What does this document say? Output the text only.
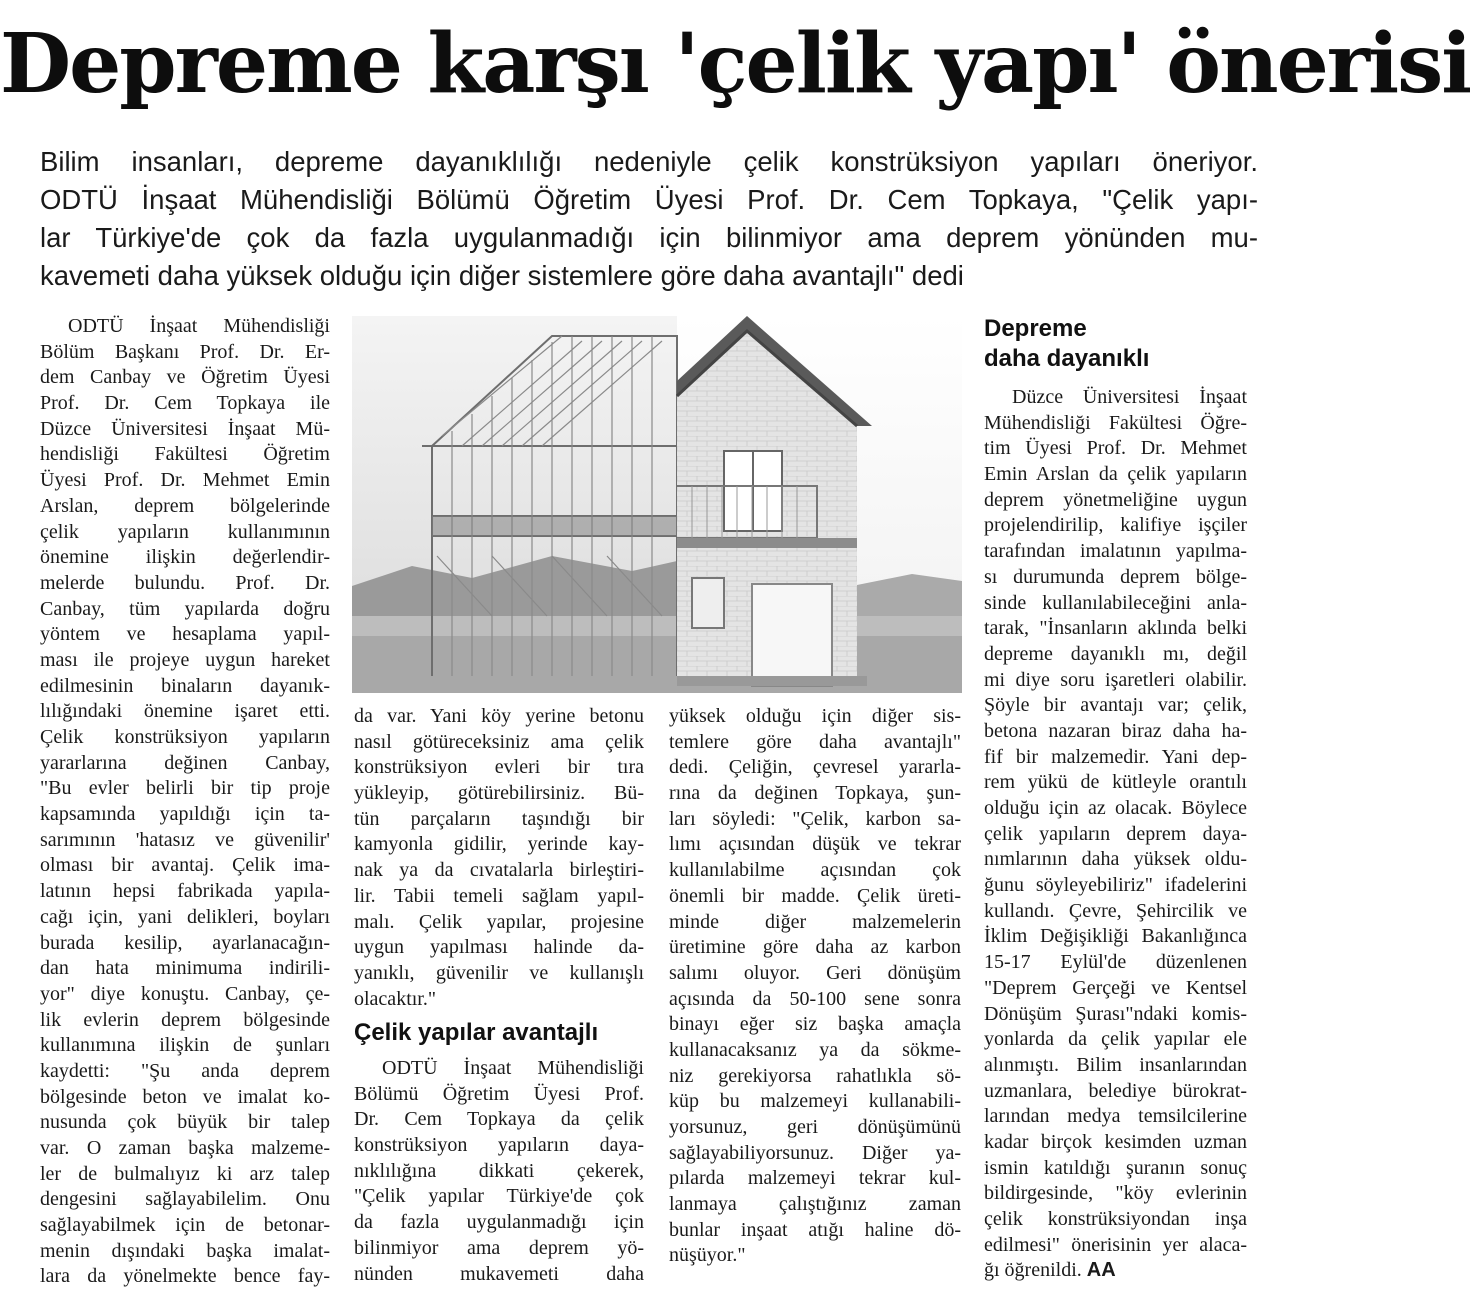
Depreme karşı 'çelik yapı' önerisi
Bilim insanları, depreme dayanıklılığı nedeniyle çelik konstrüksiyon yapıları öneriyor.
ODTÜ İnşaat Mühendisliği Bölümü Öğretim Üyesi Prof. Dr. Cem Topkaya, "Çelik yapı-
lar Türkiye'de çok da fazla uygulanmadığı için bilinmiyor ama deprem yönünden mu-
kavemeti daha yüksek olduğu için diğer sistemlere göre daha avantajlı" dedi
ODTÜ İnşaat Mühendisliği
Bölüm Başkanı Prof. Dr. Er-
dem Canbay ve Öğretim Üyesi
Prof. Dr. Cem Topkaya ile
Düzce Üniversitesi İnşaat Mü-
hendisliği Fakültesi Öğretim
Üyesi Prof. Dr. Mehmet Emin
Arslan, deprem bölgelerinde
çelik yapıların kullanımının
önemine ilişkin değerlendir-
melerde bulundu. Prof. Dr.
Canbay, tüm yapılarda doğru
yöntem ve hesaplama yapıl-
ması ile projeye uygun hareket
edilmesinin binaların dayanık-
lılığındaki önemine işaret etti.
Çelik konstrüksiyon yapıların
yararlarına değinen Canbay,
"Bu evler belirli bir tip proje
kapsamında yapıldığı için ta-
sarımının 'hatasız ve güvenilir'
olması bir avantaj. Çelik ima-
latının hepsi fabrikada yapıla-
cağı için, yani delikleri, boyları
burada kesilip, ayarlanacağın-
dan hata minimuma indirili-
yor" diye konuştu. Canbay, çe-
lik evlerin deprem bölgesinde
kullanımına ilişkin de şunları
kaydetti: "Şu anda deprem
bölgesinde beton ve imalat ko-
nusunda çok büyük bir talep
var. O zaman başka malzeme-
ler de bulmalıyız ki arz talep
dengesini sağlayabilelim. Onu
sağlayabilmek için de betonar-
menin dışındaki başka imalat-
lara da yönelmekte bence fay-
da var. Yani köy yerine betonu
nasıl götüreceksiniz ama çelik
konstrüksiyon evleri bir tıra
yükleyip, götürebilirsiniz. Bü-
tün parçaların taşındığı bir
kamyonla gidilir, yerinde kay-
nak ya da cıvatalarla birleştiri-
lir. Tabii temeli sağlam yapıl-
malı. Çelik yapılar, projesine
uygun yapılması halinde da-
yanıklı, güvenilir ve kullanışlı
olacaktır."
Çelik yapılar avantajlı
ODTÜ İnşaat Mühendisliği
Bölümü Öğretim Üyesi Prof.
Dr. Cem Topkaya da çelik
konstrüksiyon yapıların daya-
nıklılığına dikkati çekerek,
"Çelik yapılar Türkiye'de çok
da fazla uygulanmadığı için
bilinmiyor ama deprem yö-
nünden mukavemeti daha
yüksek olduğu için diğer sis-
temlere göre daha avantajlı"
dedi. Çeliğin, çevresel yararla-
rına da değinen Topkaya, şun-
ları söyledi: "Çelik, karbon sa-
lımı açısından düşük ve tekrar
kullanılabilme açısından çok
önemli bir madde. Çelik üreti-
minde diğer malzemelerin
üretimine göre daha az karbon
salımı oluyor. Geri dönüşüm
açısında da 50-100 sene sonra
binayı eğer siz başka amaçla
kullanacaksanız ya da sökme-
niz gerekiyorsa rahatlıkla sö-
küp bu malzemeyi kullanabili-
yorsunuz, geri dönüşümünü
sağlayabiliyorsunuz. Diğer ya-
pılarda malzemeyi tekrar kul-
lanmaya çalıştığınız zaman
bunlar inşaat atığı haline dö-
nüşüyor."
Depreme
daha dayanıklı
Düzce Üniversitesi İnşaat
Mühendisliği Fakültesi Öğre-
tim Üyesi Prof. Dr. Mehmet
Emin Arslan da çelik yapıların
deprem yönetmeliğine uygun
projelendirilip, kalifiye işçiler
tarafından imalatının yapılma-
sı durumunda deprem bölge-
sinde kullanılabileceğini anla-
tarak, "İnsanların aklında belki
depreme dayanıklı mı, değil
mi diye soru işaretleri olabilir.
Şöyle bir avantajı var; çelik,
betona nazaran biraz daha ha-
fif bir malzemedir. Yani dep-
rem yükü de kütleyle orantılı
olduğu için az olacak. Böylece
çelik yapıların deprem daya-
nımlarının daha yüksek oldu-
ğunu söyleyebiliriz" ifadelerini
kullandı. Çevre, Şehircilik ve
İklim Değişikliği Bakanlığınca
15-17 Eylül'de düzenlenen
"Deprem Gerçeği ve Kentsel
Dönüşüm Şurası"ndaki komis-
yonlarda da çelik yapılar ele
alınmıştı. Bilim insanlarından
uzmanlara, belediye bürokrat-
larından medya temsilcilerine
kadar birçok kesimden uzman
ismin katıldığı şuranın sonuç
bildirgesinde, "köy evlerinin
çelik konstrüksiyondan inşa
edilmesi" önerisinin yer alaca-
ğı öğrenildi. AA
